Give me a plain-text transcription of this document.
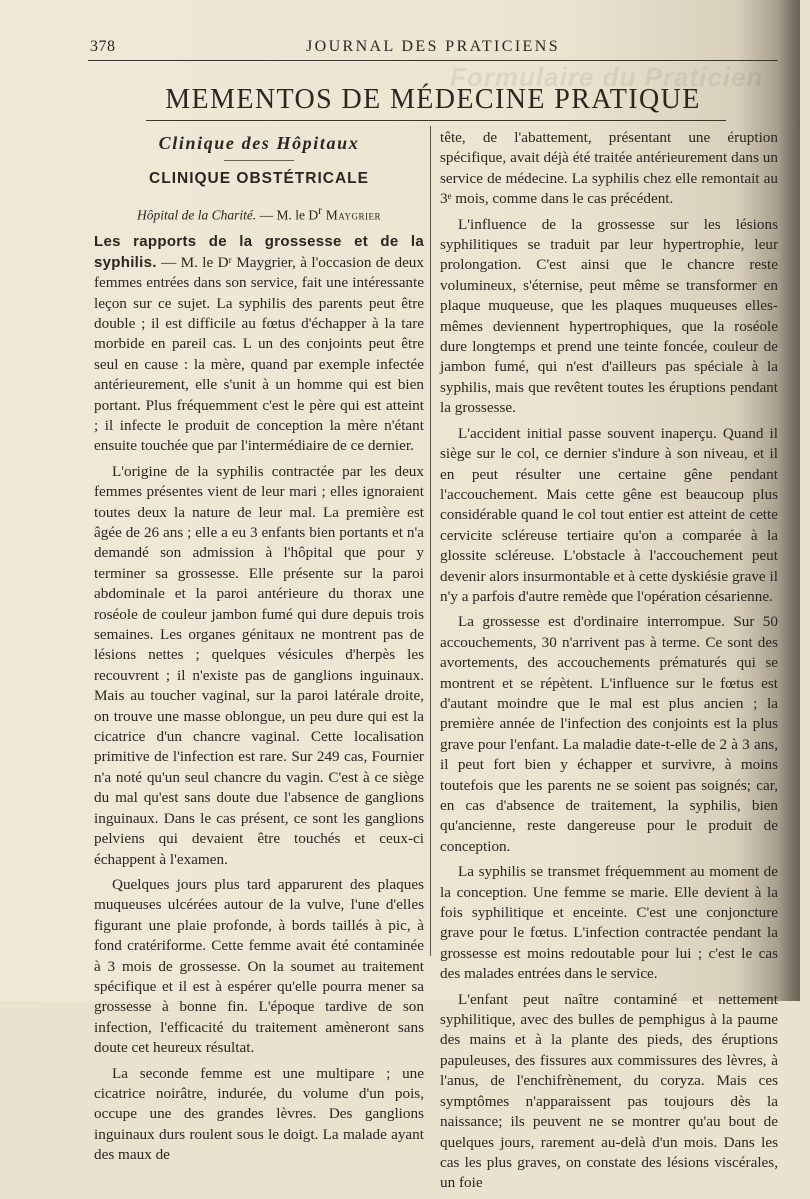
Formulaire du Praticien
378	JOURNAL DES PRATICIENS
MEMENTOS DE MÉDECINE PRATIQUE
Clinique des Hôpitaux
CLINIQUE OBSTÉTRICALE
Hôpital de la Charité. — M. le $D^r$ Maygrier

Les rapports de la grossesse et de la syphilis. — M. le Dʳ Maygrier, à l'occasion de deux femmes entrées dans son service, fait une intéressante leçon sur ce sujet. La syphilis des parents peut être double ; il est difficile au fœtus d'échapper à la tare morbide en pareil cas. L un des conjoints peut être seul en cause : la mère, quand par exemple infectée antérieurement, elle s'unit à un homme qui est bien portant. Plus fréquemment c'est le père qui est atteint ; il infecte le produit de conception la mère n'étant ensuite touchée que par l'intermédiaire de ce dernier.

L'origine de la syphilis contractée par les deux femmes présentes vient de leur mari ; elles ignoraient toutes deux la nature de leur mal. La première est âgée de 26 ans ; elle a eu 3 enfants bien portants et n'a demandé son admission à l'hôpital que pour y terminer sa grossesse. Elle présente sur la paroi abdominale et la paroi antérieure du thorax une roséole de couleur jambon fumé qui dure depuis trois semaines. Les organes génitaux ne montrent pas de lésions nettes ; quelques vésicules d'herpès les recouvrent ; il n'existe pas de ganglions inguinaux. Mais au toucher vaginal, sur la paroi latérale droite, on trouve une masse oblongue, un peu dure qui est la cicatrice d'un chancre vaginal. Cette localisation primitive de l'infection est rare. Sur 249 cas, Fournier n'a noté qu'un seul chancre du vagin. C'est à ce siège du mal qu'est sans doute due l'absence de ganglions inguinaux. Dans le cas présent, ce sont les ganglions pelviens qui devaient être touchés et ceux-ci échappent à l'examen.

Quelques jours plus tard apparurent des plaques muqueuses ulcérées autour de la vulve, l'une d'elles figurant une plaie profonde, à bords taillés à pic, à fond cratériforme. Cette femme avait été contaminée à 3 mois de grossesse. On la soumet au traitement spécifique et il est à espérer qu'elle pourra mener sa grossesse à bonne fin. L'époque tardive de son infection, l'efficacité du traitement amèneront sans doute cet heureux résultat.

La seconde femme est une multipare ; une cicatrice noirâtre, indurée, du volume d'un pois, occupe une des grandes lèvres. Des ganglions inguinaux durs roulent sous le doigt. La malade ayant des maux de

tête, de l'abattement, présentant une éruption spécifique, avait déjà été traitée antérieurement dans un service de médecine. La syphilis chez elle remontait au 3ᵉ mois, comme dans le cas précédent.

L'influence de la grossesse sur les lésions syphilitiques se traduit par leur hypertrophie, leur prolongation. C'est ainsi que le chancre reste volumineux, s'éternise, peut même se transformer en plaque muqueuse, que les plaques muqueuses elles-mêmes deviennent hypertrophiques, que la roséole dure longtemps et prend une teinte foncée, couleur de jambon fumé, qui n'est d'ailleurs pas spéciale à la syphilis, mais que revêtent toutes les éruptions pendant la grossesse.

L'accident initial passe souvent inaperçu. Quand il siège sur le col, ce dernier s'indure à son niveau, et il en peut résulter une certaine gêne pendant l'accouchement. Mais cette gêne est beaucoup plus considérable quand le col tout entier est atteint de cette cervicite scléreuse tertiaire qu'on a comparée à la glossite scléreuse. L'obstacle à l'accouchement peut devenir alors insurmontable et à cette dyskiésie grave il n'y a parfois d'autre remède que l'opération césarienne.

La grossesse est d'ordinaire interrompue. Sur 50 accouchements, 30 n'arrivent pas à terme. Ce sont des avortements, des accouchements prématurés qui se montrent et se répètent. L'influence sur le fœtus est d'autant moindre que le mal est plus ancien ; la première année de l'infection des conjoints est la plus grave pour l'enfant. La maladie date-t-elle de 2 à 3 ans, il peut fort bien y échapper et survivre, à moins toutefois que les parents ne se soient pas soignés; car, en cas d'absence de traitement, la syphilis, bien qu'ancienne, reste dangereuse pour le produit de conception.

La syphilis se transmet fréquemment au moment de la conception. Une femme se marie. Elle devient à la fois syphilitique et enceinte. C'est une conjoncture grave pour le fœtus. L'infection contractée pendant la grossesse est moins redoutable pour lui ; c'est le cas des malades entrées dans le service.

L'enfant peut naître contaminé et nettement syphilitique, avec des bulles de pemphigus à la paume des mains et à la plante des pieds, des éruptions papuleuses, des fissures aux commissures des lèvres, à l'anus, de l'enchifrènement, du coryza. Mais ces symptômes n'apparaissent pas toujours dès la naissance; ils peuvent ne se montrer qu'au bout de quelques jours, rarement au-delà d'un mois. Dans les cas les plus graves, on constate des lésions viscérales, un foie
